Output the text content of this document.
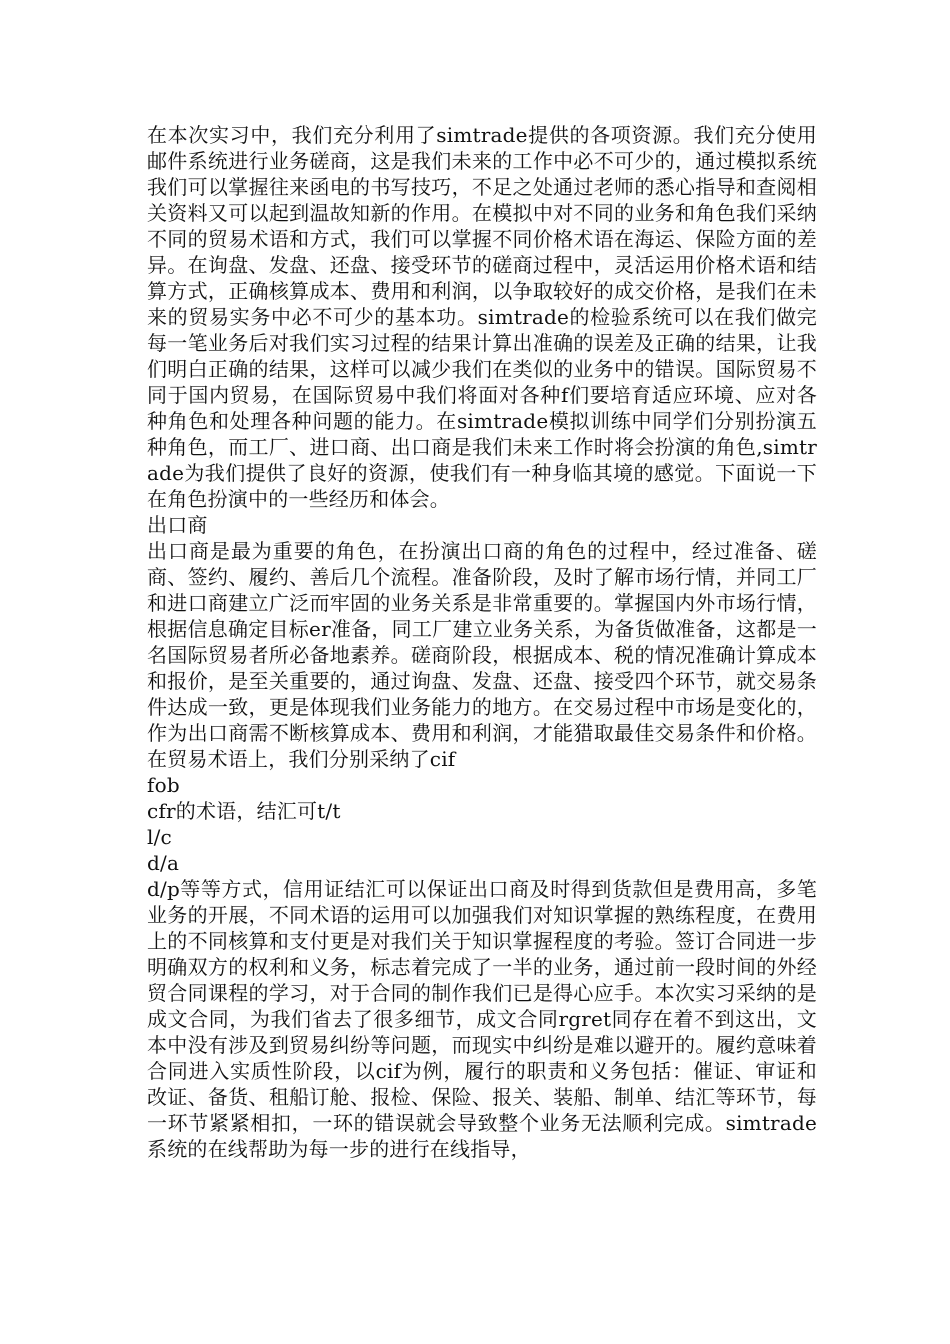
在本次实习中，我们充分利用了simtrade提供的各项资源。我们充分使用邮件系统进行业务磋商，这是我们未来的工作中必不可少的，通过模拟系统我们可以掌握往来函电的书写技巧，不足之处通过老师的悉心指导和查阅相关资料又可以起到温故知新的作用。在模拟中对不同的业务和角色我们采纳不同的贸易术语和方式，我们可以掌握不同价格术语在海运、保险方面的差异。在询盘、发盘、还盘、接受环节的磋商过程中，灵活运用价格术语和结算方式，正确核算成本、费用和利润，以争取较好的成交价格，是我们在未来的贸易实务中必不可少的基本功。simtrade的检验系统可以在我们做完每一笔业务后对我们实习过程的结果计算出准确的误差及正确的结果，让我们明白正确的结果，这样可以减少我们在类似的业务中的错误。国际贸易不同于国内贸易，在国际贸易中我们将面对各种f们要培育适应环境、应对各种角色和处理各种问题的能力。在simtrade模拟训练中同学们分别扮演五种角色，而工厂、进口商、出口商是我们未来工作时将会扮演的角色,simtrade为我们提供了良好的资源，使我们有一种身临其境的感觉。下面说一下在角色扮演中的一些经历和体会。

出口商

出口商是最为重要的角色，在扮演出口商的角色的过程中，经过准备、磋商、签约、履约、善后几个流程。准备阶段，及时了解市场行情，并同工厂和进口商建立广泛而牢固的业务关系是非常重要的。掌握国内外市场行情，根据信息确定目标er准备，同工厂建立业务关系，为备货做准备，这都是一名国际贸易者所必备地素养。磋商阶段，根据成本、税的情况准确计算成本和报价，是至关重要的，通过询盘、发盘、还盘、接受四个环节，就交易条件达成一致，更是体现我们业务能力的地方。在交易过程中市场是变化的，作为出口商需不断核算成本、费用和利润，才能猎取最佳交易条件和价格。在贸易术语上，我们分别采纳了cif

fob

cfr的术语，结汇可t/t

l/c

d/a

d/p等等方式，信用证结汇可以保证出口商及时得到货款但是费用高，多笔业务的开展，不同术语的运用可以加强我们对知识掌握的熟练程度，在费用上的不同核算和支付更是对我们关于知识掌握程度的考验。签订合同进一步明确双方的权利和义务，标志着完成了一半的业务，通过前一段时间的外经贸合同课程的学习，对于合同的制作我们已是得心应手。本次实习采纳的是成文合同，为我们省去了很多细节，成文合同rgret同存在着不到这出，文本中没有涉及到贸易纠纷等问题，而现实中纠纷是难以避开的。履约意味着合同进入实质性阶段，以cif为例，履行的职责和义务包括：催证、审证和改证、备货、租船订舱、报检、保险、报关、装船、制单、结汇等环节，每一环节紧紧相扣，一环的错误就会导致整个业务无法顺利完成。simtrade系统的在线帮助为每一步的进行在线指导，
